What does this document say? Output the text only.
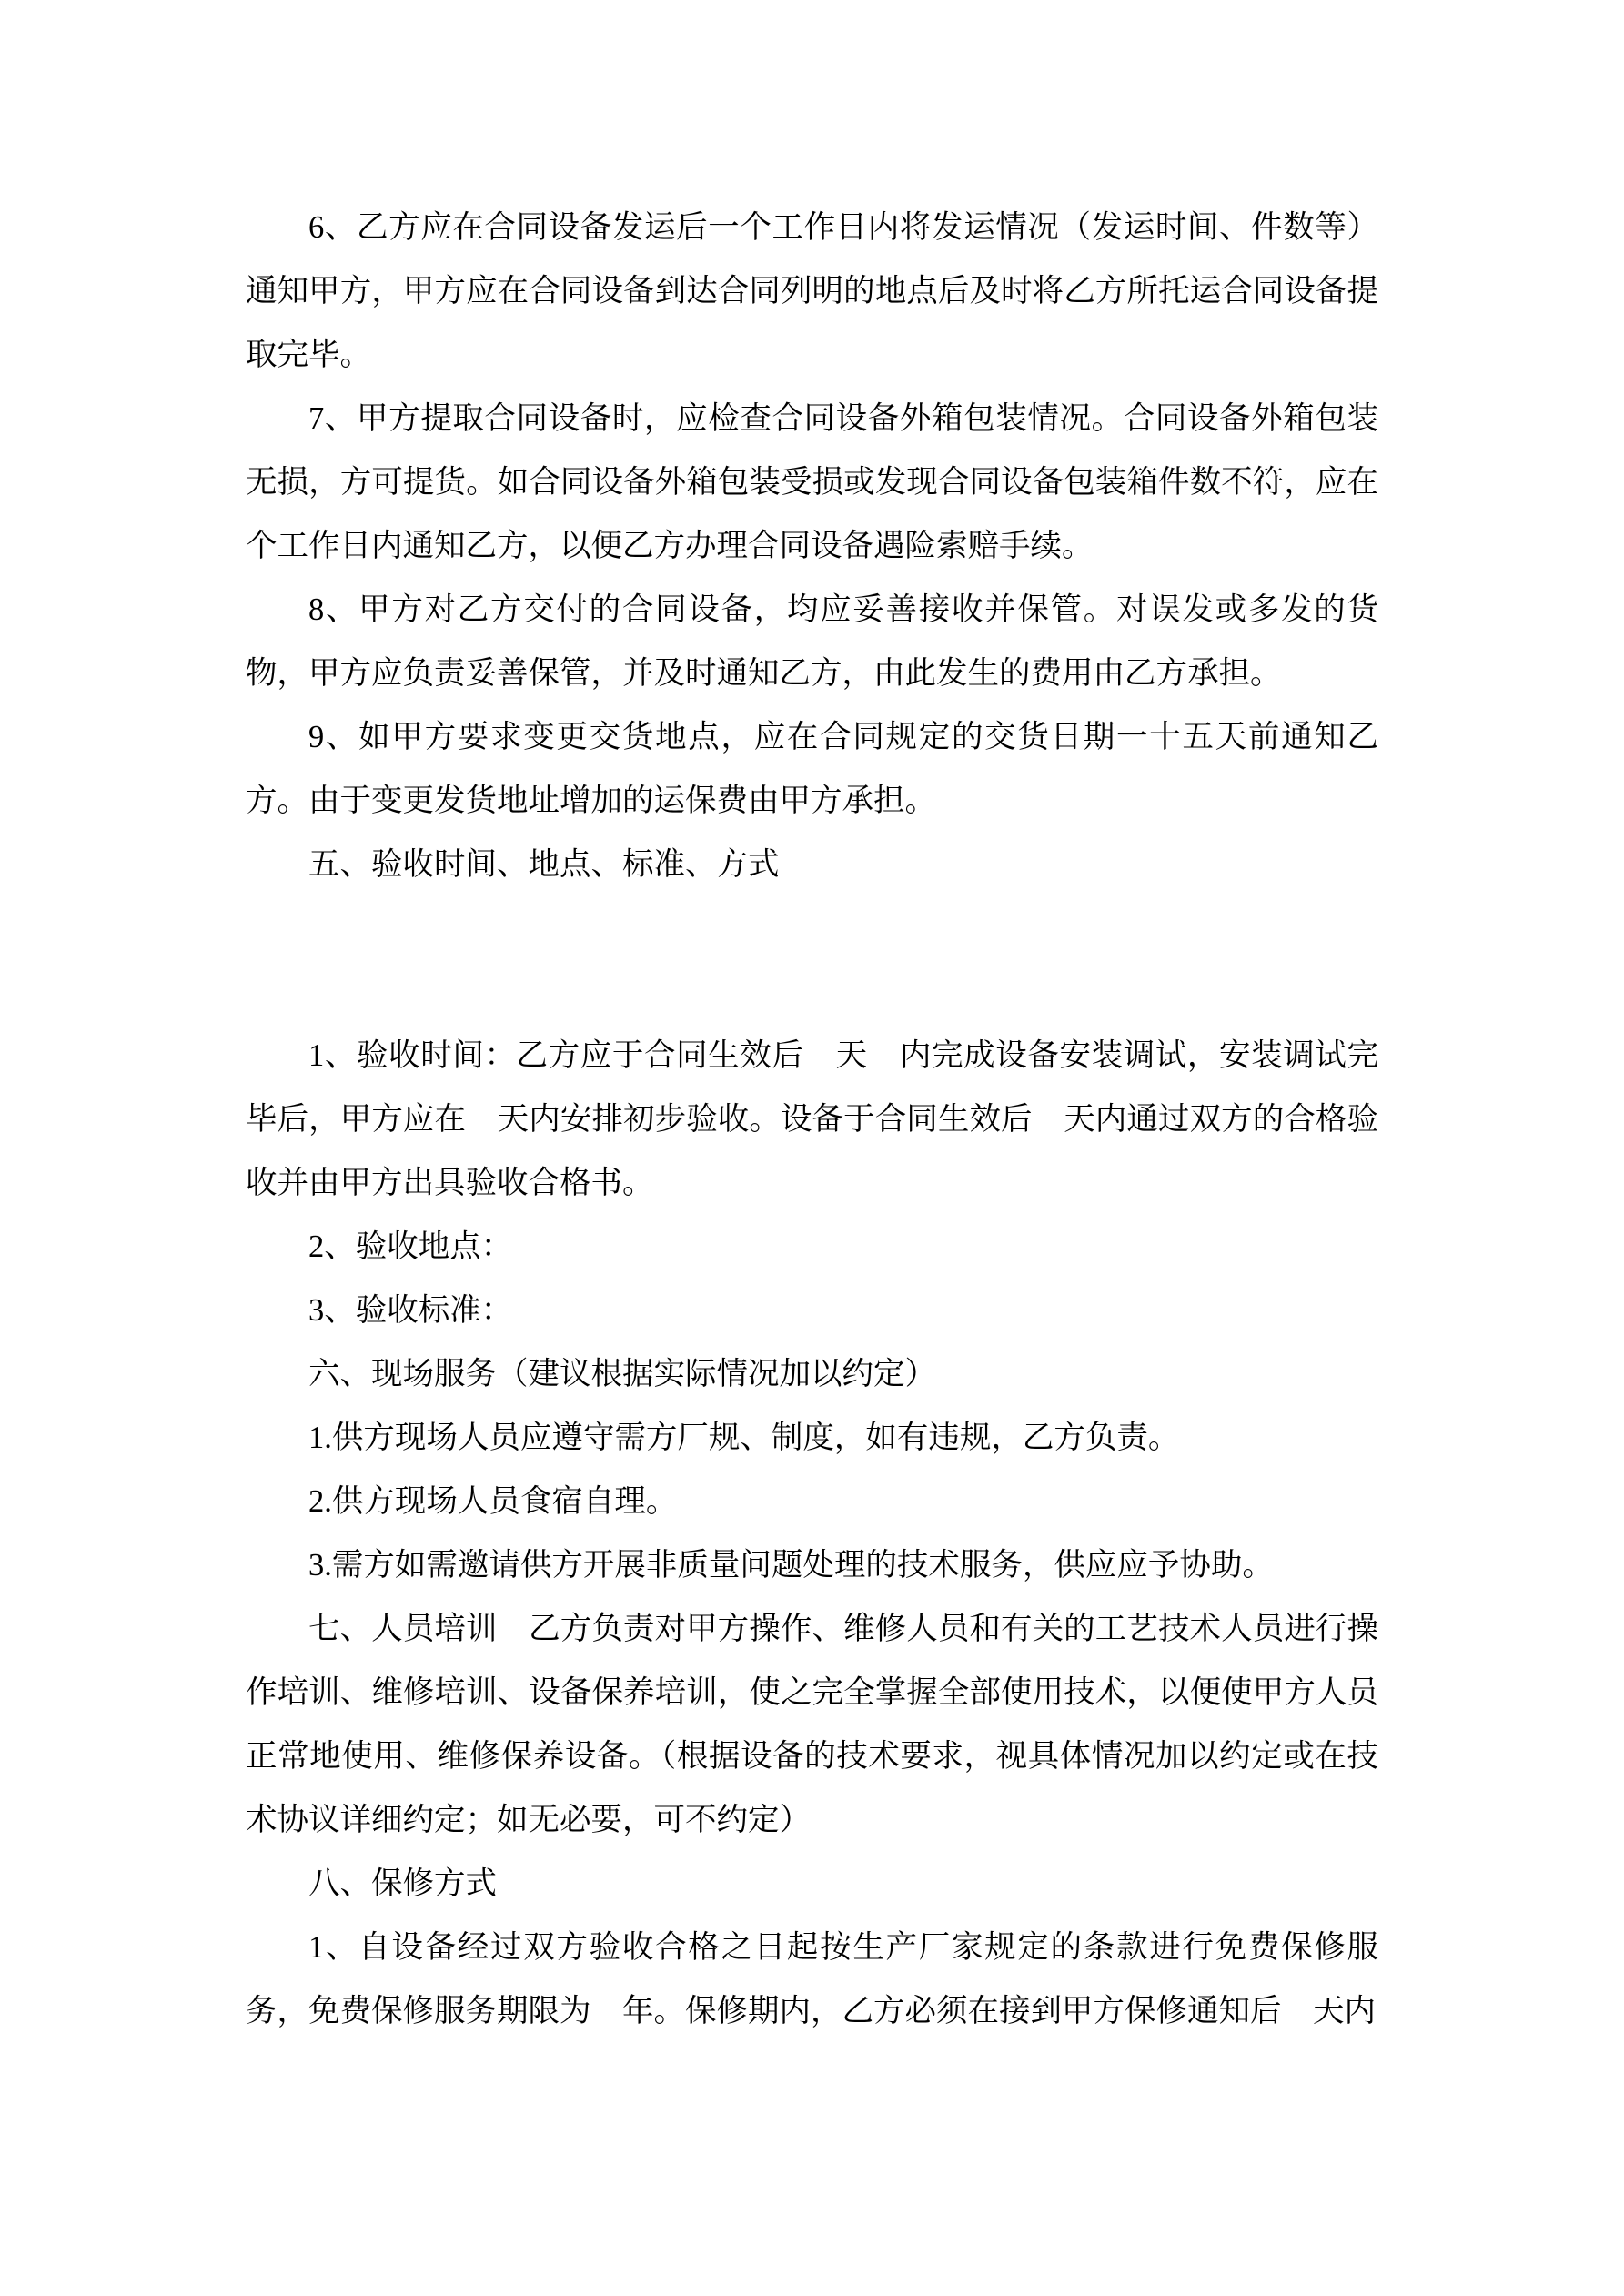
6、乙方应在合同设备发运后一个工作日内将发运情况（发运时间、件数等）通知甲方，甲方应在合同设备到达合同列明的地点后及时将乙方所托运合同设备提取完毕。

7、甲方提取合同设备时，应检查合同设备外箱包装情况。合同设备外箱包装无损，方可提货。如合同设备外箱包装受损或发现合同设备包装箱件数不符，应在　个工作日内通知乙方，以便乙方办理合同设备遇险索赔手续。

8、甲方对乙方交付的合同设备，均应妥善接收并保管。对误发或多发的货物，甲方应负责妥善保管，并及时通知乙方，由此发生的费用由乙方承担。

9、如甲方要求变更交货地点，应在合同规定的交货日期一十五天前通知乙方。由于变更发货地址增加的运保费由甲方承担。

五、验收时间、地点、标准、方式

1、验收时间：乙方应于合同生效后　天　内完成设备安装调试，安装调试完毕后，甲方应在　天内安排初步验收。设备于合同生效后　天内通过双方的合格验收并由甲方出具验收合格书。

2、验收地点：

3、验收标准：

六、现场服务（建议根据实际情况加以约定）

1.供方现场人员应遵守需方厂规、制度，如有违规，乙方负责。

2.供方现场人员食宿自理。

3.需方如需邀请供方开展非质量问题处理的技术服务，供应应予协助。

七、人员培训　乙方负责对甲方操作、维修人员和有关的工艺技术人员进行操作培训、维修培训、设备保养培训，使之完全掌握全部使用技术，以便使甲方人员正常地使用、维修保养设备。（根据设备的技术要求，视具体情况加以约定或在技术协议详细约定；如无必要，可不约定）

八、保修方式

1、自设备经过双方验收合格之日起按生产厂家规定的条款进行免费保修服务，免费保修服务期限为　年。保修期内，乙方必须在接到甲方保修通知后　天内
